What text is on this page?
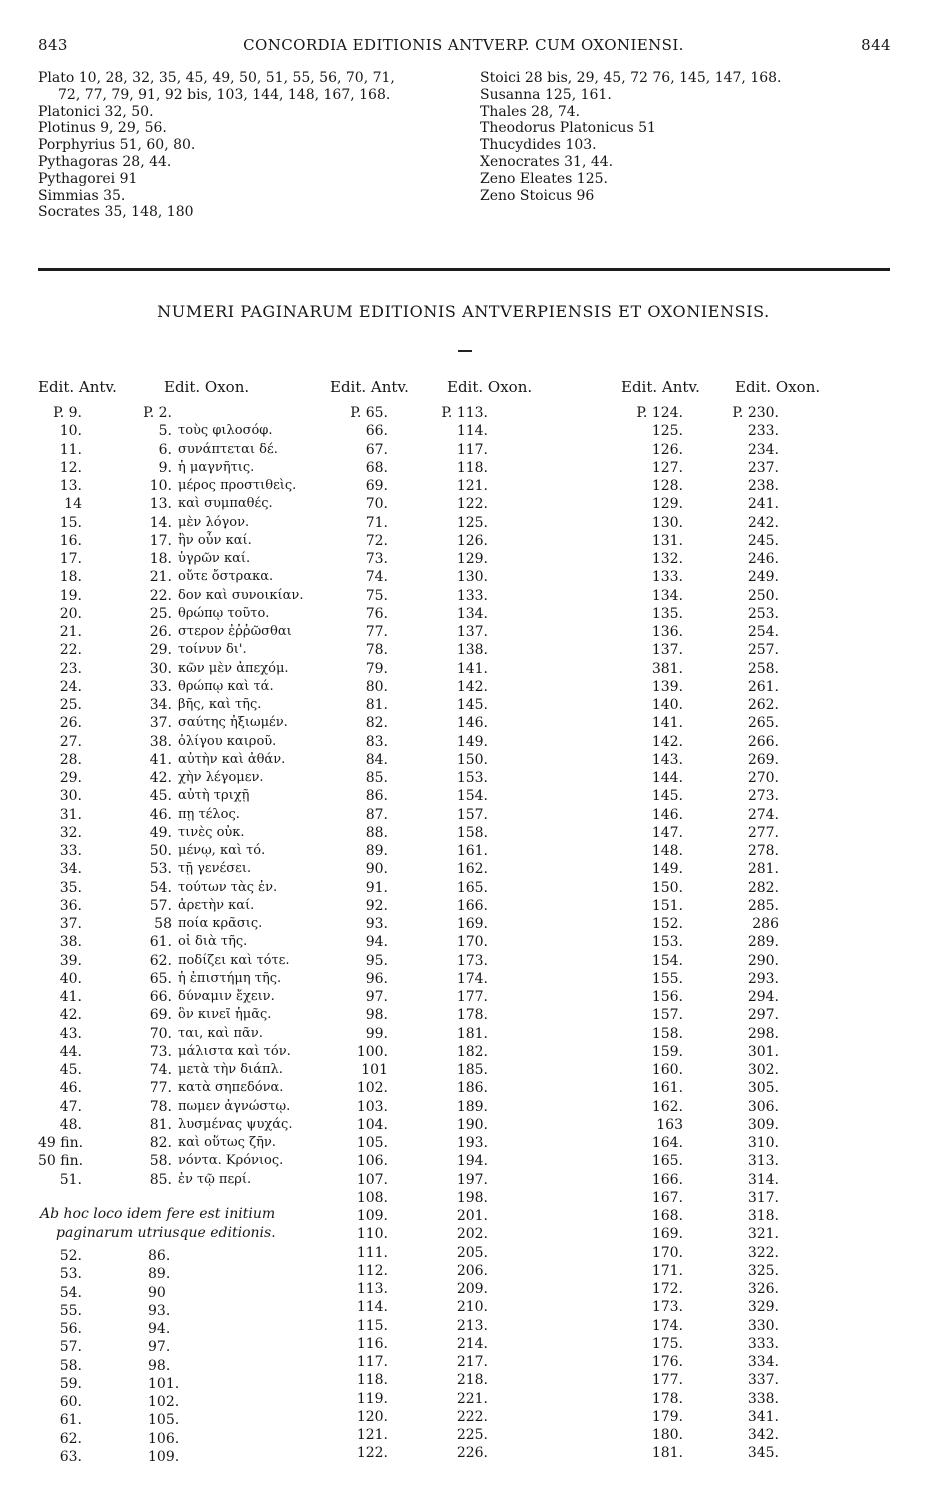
843	CONCORDIA EDITIONIS ANTVERP. CUM OXONIENSI.	844
Plato 10, 28, 32, 35, 45, 49, 50, 51, 55, 56, 70, 71,
72, 77, 79, 91, 92 bis, 103, 144, 148, 167, 168.
Platonici 32, 50.
Plotinus 9, 29, 56.
Porphyrius 51, 60, 80.
Pythagoras 28, 44.
Pythagorei 91
Simmias 35.
Socrates 35, 148, 180
Stoici 28 bis, 29, 45, 72 76, 145, 147, 168.
Susanna 125, 161.
Thales 28, 74.
Theodorus Platonicus 51
Thucydides 103.
Xenocrates 31, 44.
Zeno Eleates 125.
Zeno Stoicus 96
NUMERI PAGINARUM EDITIONIS ANTVERPIENSIS ET OXONIENSIS.
Edit. Antv.	Edit. Oxon.	Edit. Antv.	Edit. Oxon.	Edit. Antv. Edit. Oxon.
P. 9.	P. 2.
10.	5. τοὺς φιλοσόφ.
11.	6. συνάπτεται δέ.
12.	9. ἡ μαγνῆτις.
13.	10. μέρος προστιθεὶς.
14	13. καὶ συμπαθές.
15.	14. μὲν λόγον.
16.	17. ἣν οὖν καί.
17.	18. ὑγρῶν καί.
18.	21. οὔτε ὄστρακα.
19.	22. δον καὶ συνοικίαν.
20.	25. θρώπῳ τοῦτο.
21.	26. στερον ἐῤῥῶσθαι
22.	29. τοίνυν δι'.
23.	30. κῶν μὲν ἀπεχόμ.
24.	33. θρώπῳ καὶ τά.
25.	34. βῆς, καὶ τῆς.
26.	37. σαύτης ἠξιωμέν.
27.	38. ὀλίγου καιροῦ.
28.	41. αὐτὴν καὶ ἀθάν.
29.	42. χὴν λέγομεν.
30.	45. αὐτὴ τριχῇ
31.	46. πῃ τέλος.
32.	49. τινὲς οὐκ.
33.	50. μένῳ, καὶ τό.
34.	53. τῇ γενέσει.
35.	54. τούτων τὰς ἐν.
36.	57. ἀρετὴν καί.
37.	58 ποία κρᾶσις.
38.	61. οἱ διὰ τῆς.
39.	62. ποδίζει καὶ τότε.
40.	65. ἡ ἐπιστήμη τῆς.
41.	66. δύναμιν ἔχειν.
42.	69. ὃν κινεῖ ἡμᾶς.
43.	70. ται, καὶ πᾶν.
44.	73. μάλιστα καὶ τόν.
45.	74. μετὰ τὴν διάπλ.
46.	77. κατὰ σηπεδόνα.
47.	78. πωμεν ἀγνώστῳ.
48.	81. λυσμένας ψυχάς.
49 fin.	82. καὶ οὕτως ζῆν.
50 fin.	58. νόντα. Κρόνιος.
51.	85. ἐν τῷ περί.
Ab hoc loco idem fere est initium
paginarum utriusque editionis.
52.	86.
53.	89.
54.	90
55.	93.
56.	94.
57.	97.
58.	98.
59.	101.
60.	102.
61.	105.
62.	106.
63.	109.
P. 65.	P. 113.
66.	114.
67.	117.
68.	118.
69.	121.
70.	122.
71.	125.
72.	126.
73.	129.
74.	130.
75.	133.
76.	134.
77.	137.
78.	138.
79.	141.
80.	142.
81.	145.
82.	146.
83.	149.
84.	150.
85.	153.
86.	154.
87.	157.
88.	158.
89.	161.
90.	162.
91.	165.
92.	166.
93.	169.
94.	170.
95.	173.
96.	174.
97.	177.
98.	178.
99.	181.
100.	182.
101	185.
102.	186.
103.	189.
104.	190.
105.	193.
106.	194.
107.	197.
108.	198.
109.	201.
110.	202.
111.	205.
112.	206.
113.	209.
114.	210.
115.	213.
116.	214.
117.	217.
118.	218.
119.	221.
120.	222.
121.	225.
122.	226.
P. 124.	P. 230.
125.	233.
126.	234.
127.	237.
128.	238.
129.	241.
130.	242.
131.	245.
132.	246.
133.	249.
134.	250.
135.	253.
136.	254.
137.	257.
381.	258.
139.	261.
140.	262.
141.	265.
142.	266.
143.	269.
144.	270.
145.	273.
146.	274.
147.	277.
148.	278.
149.	281.
150.	282.
151.	285.
152.	286
153.	289.
154.	290.
155.	293.
156.	294.
157.	297.
158.	298.
159.	301.
160.	302.
161.	305.
162.	306.
163	309.
164.	310.
165.	313.
166.	314.
167.	317.
168.	318.
169.	321.
170.	322.
171.	325.
172.	326.
173.	329.
174.	330.
175.	333.
176.	334.
177.	337.
178.	338.
179.	341.
180.	342.
181.	345.
